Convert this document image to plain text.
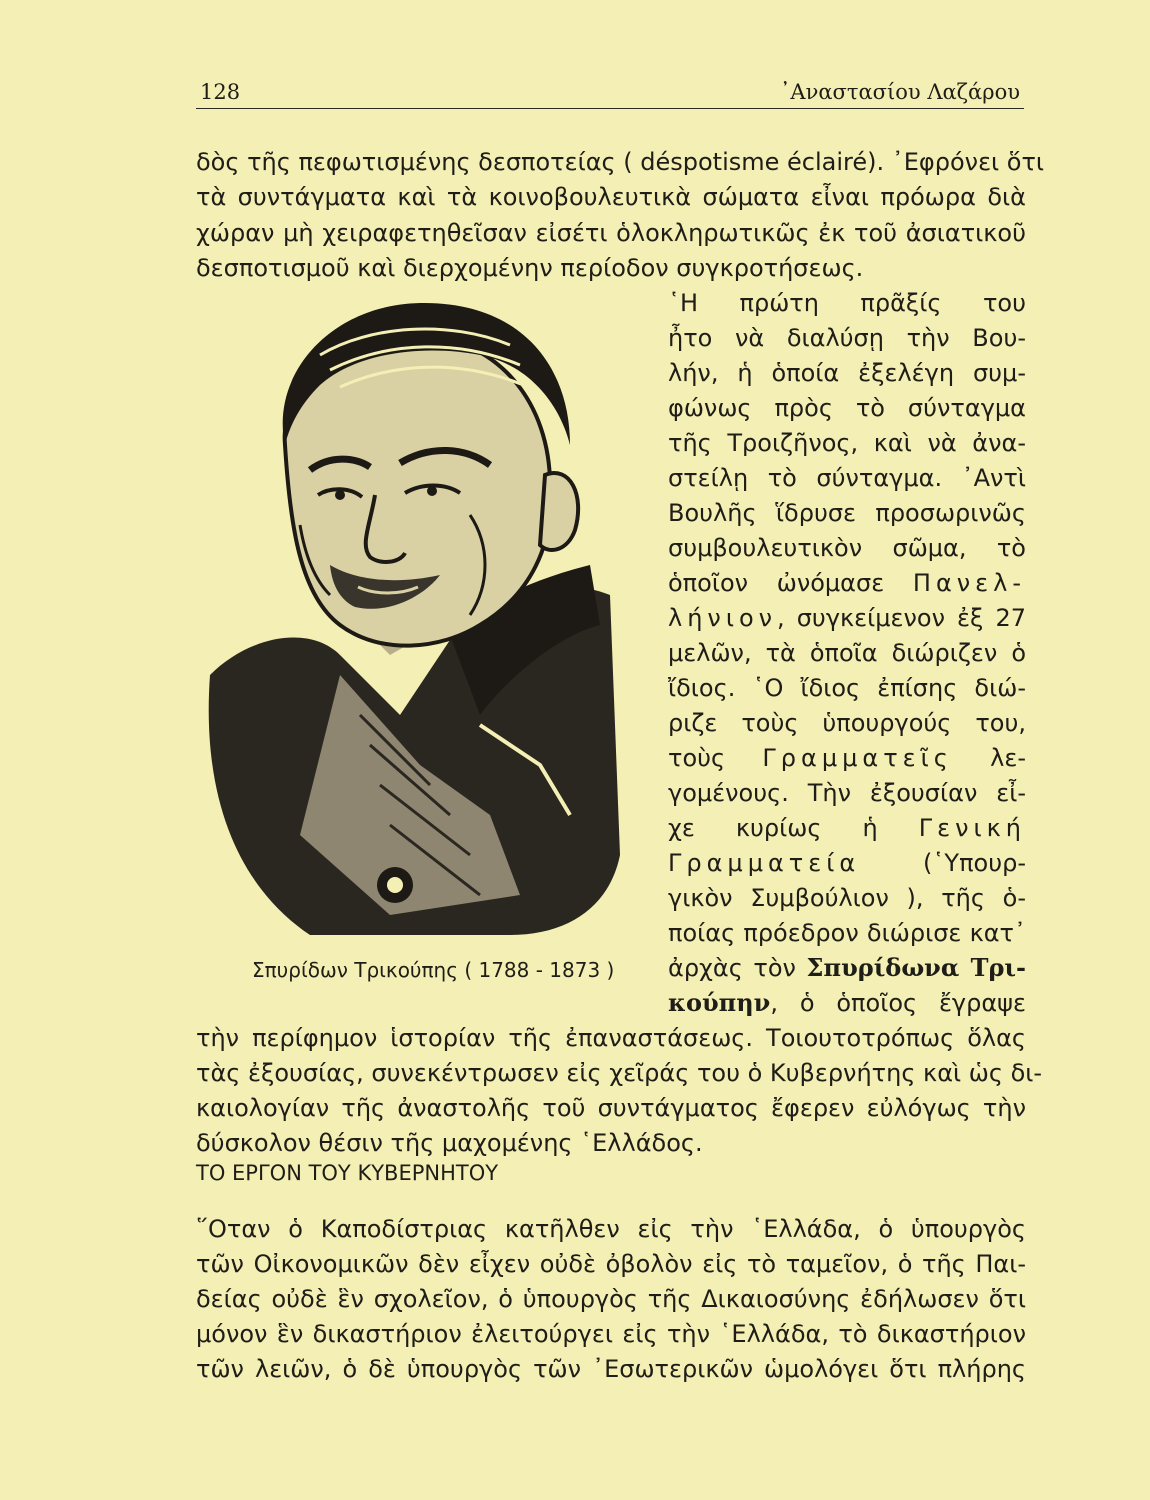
128	᾽Αναστασίου Λαζάρου
δὸς τῆς πεφωτισμένης δεσποτείας ( déspotisme éclairé). ᾽Εφρόνει ὅτι
τὰ συντάγματα καὶ τὰ κοινοβουλευτικὰ σώματα εἶναι πρόωρα διὰ
χώραν μὴ χειραφετηθεῖσαν εἰσέτι ὁλοκληρωτικῶς ἐκ τοῦ ἀσιατικοῦ
δεσποτισμοῦ καὶ διερχομένην περίοδον συγκροτήσεως.
῾Η πρώτη πρᾶξίς του
ἦτο νὰ διαλύσῃ τὴν Βου-
λήν, ἡ ὁποία ἐξελέγη συμ-
φώνως πρὸς τὸ σύνταγμα
τῆς Τροιζῆνος, καὶ νὰ ἀνα-
στείλῃ τὸ σύνταγμα. ᾽Αντὶ
Βουλῆς ἵδρυσε προσωρινῶς
συμβουλευτικὸν σῶμα, τὸ
ὁποῖον ὠνόμασε Πανελ-
λήνιον, συγκείμενον ἐξ 27
μελῶν, τὰ ὁποῖα διώριζεν ὁ
ἴδιος. ῾Ο ἴδιος ἐπίσης διώ-
ριζε τοὺς ὑπουργούς του,
τοὺς Γραμματεῖς λε-
γομένους. Τὴν ἐξουσίαν εἶ-
χε κυρίως ἡ Γενική
Γραμματεία (῾Υπουρ-
γικὸν Συμβούλιον ), τῆς ὁ-
ποίας πρόεδρον διώρισε κατ᾽
ἀρχὰς τὸν Σπυρίδωνα Τρι-
κούπην, ὁ ὁποῖος ἔγραψε
Σπυρίδων Τρικούπης ( 1788 - 1873 )
τὴν περίφημον ἱστορίαν τῆς ἐπαναστάσεως. Τοιουτοτρόπως ὅλας
τὰς ἐξουσίας, συνεκέντρωσεν εἰς χεῖράς του ὁ Κυβερνήτης καὶ ὡς δι-
καιολογίαν τῆς ἀναστολῆς τοῦ συντάγματος ἔφερεν εὐλόγως τὴν
δύσκολον θέσιν τῆς μαχομένης ῾Ελλάδος.
ΤΟ ΕΡΓΟΝ ΤΟΥ ΚΥΒΕΡΝΗΤΟΥ
῞Οταν ὁ Καποδίστριας κατῆλθεν εἰς τὴν ῾Ελλάδα, ὁ ὑπουργὸς
τῶν Οἰκονομικῶν δὲν εἶχεν οὐδὲ ὀβολὸν εἰς τὸ ταμεῖον, ὁ τῆς Παι-
δείας οὐδὲ ἓν σχολεῖον, ὁ ὑπουργὸς τῆς Δικαιοσύνης ἐδήλωσεν ὅτι
μόνον ἓν δικαστήριον ἐλειτούργει εἰς τὴν ῾Ελλάδα, τὸ δικαστήριον
τῶν λειῶν, ὁ δὲ ὑπουργὸς τῶν ᾽Εσωτερικῶν ὡμολόγει ὅτι πλήρης
